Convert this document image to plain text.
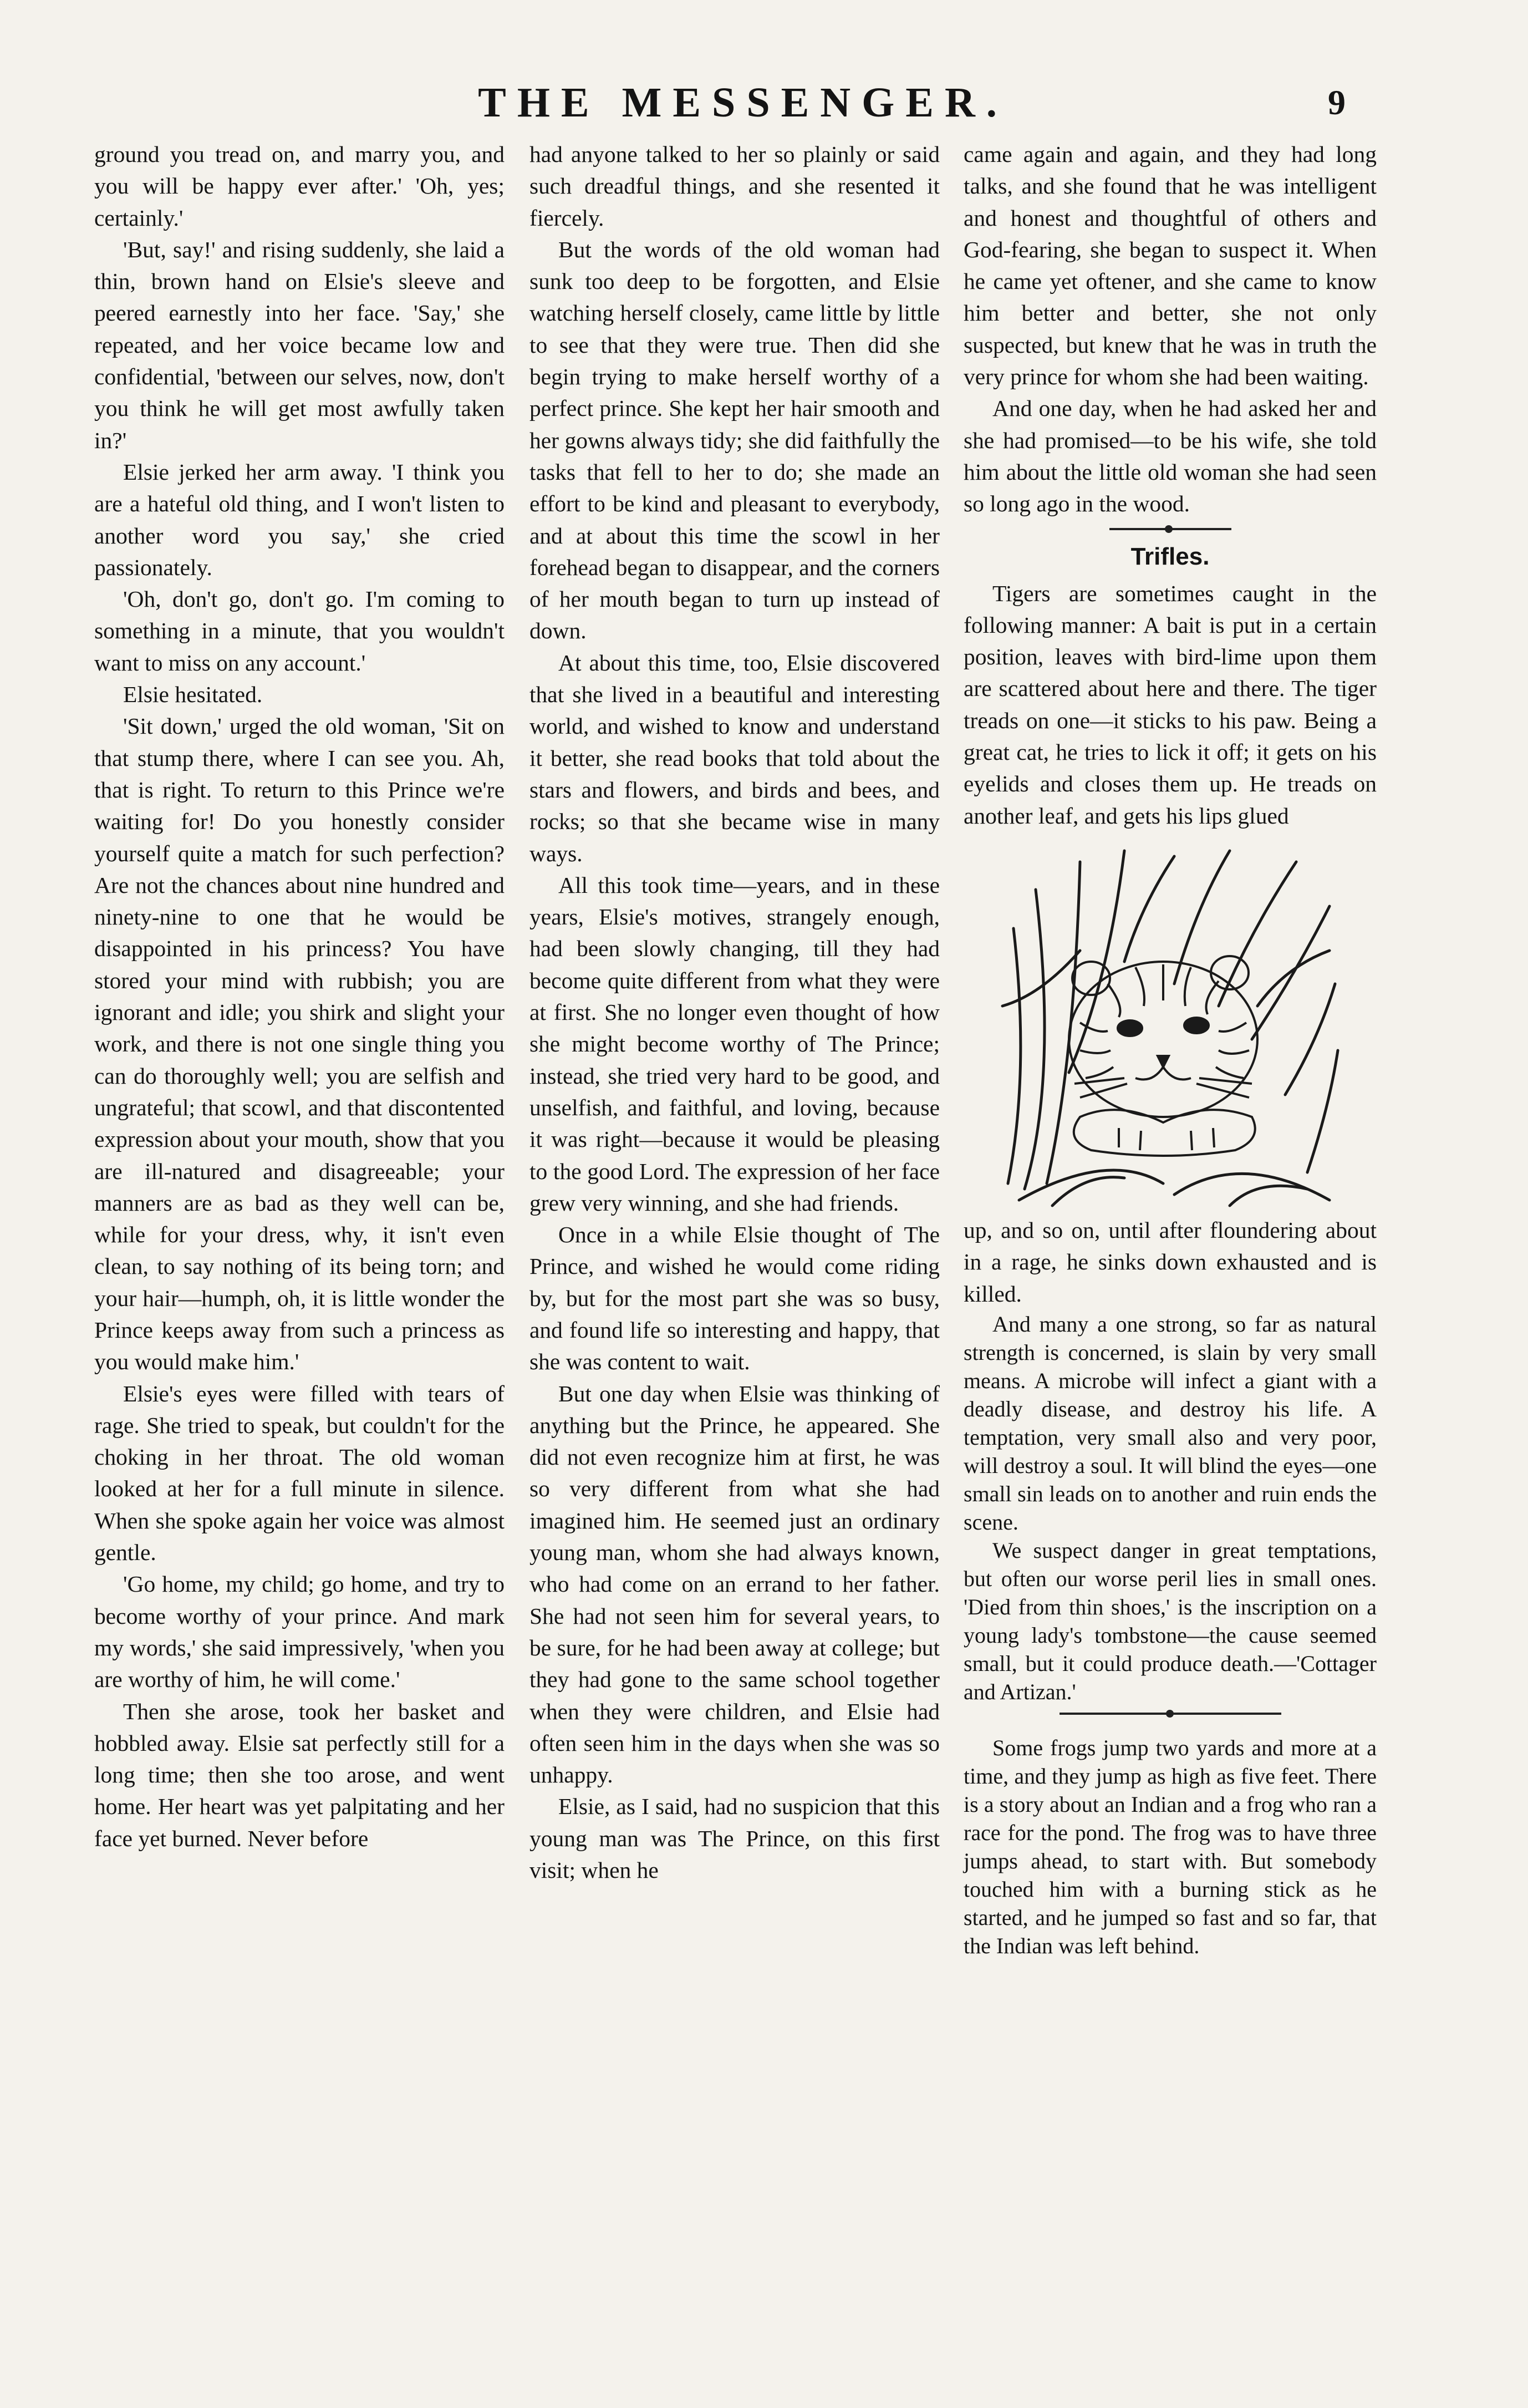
THE MESSENGER.	9

ground you tread on, and marry you, and you will be happy ever after.' 'Oh, yes; certainly.'

'But, say!' and rising suddenly, she laid a thin, brown hand on Elsie's sleeve and peered earnestly into her face. 'Say,' she repeated, and her voice became low and confidential, 'between our selves, now, don't you think he will get most awfully taken in?'

Elsie jerked her arm away. 'I think you are a hateful old thing, and I won't listen to another word you say,' she cried passionately.

'Oh, don't go, don't go. I'm coming to something in a minute, that you wouldn't want to miss on any account.'

Elsie hesitated.

'Sit down,' urged the old woman, 'Sit on that stump there, where I can see you. Ah, that is right. To return to this Prince we're waiting for! Do you honestly consider yourself quite a match for such perfection? Are not the chances about nine hundred and ninety-nine to one that he would be disappointed in his princess? You have stored your mind with rubbish; you are ignorant and idle; you shirk and slight your work, and there is not one single thing you can do thoroughly well; you are selfish and ungrateful; that scowl, and that discontented expression about your mouth, show that you are ill-natured and disagreeable; your manners are as bad as they well can be, while for your dress, why, it isn't even clean, to say nothing of its being torn; and your hair—humph, oh, it is little wonder the Prince keeps away from such a princess as you would make him.'

Elsie's eyes were filled with tears of rage. She tried to speak, but couldn't for the choking in her throat. The old woman looked at her for a full minute in silence. When she spoke again her voice was almost gentle.

'Go home, my child; go home, and try to become worthy of your prince. And mark my words,' she said impressively, 'when you are worthy of him, he will come.'

Then she arose, took her basket and hobbled away. Elsie sat perfectly still for a long time; then she too arose, and went home. Her heart was yet palpitating and her face yet burned. Never before

had anyone talked to her so plainly or said such dreadful things, and she resented it fiercely.

But the words of the old woman had sunk too deep to be forgotten, and Elsie watching herself closely, came little by little to see that they were true. Then did she begin trying to make herself worthy of a perfect prince. She kept her hair smooth and her gowns always tidy; she did faithfully the tasks that fell to her to do; she made an effort to be kind and pleasant to everybody, and at about this time the scowl in her forehead began to disappear, and the corners of her mouth began to turn up instead of down.

At about this time, too, Elsie discovered that she lived in a beautiful and interesting world, and wished to know and understand it better, she read books that told about the stars and flowers, and birds and bees, and rocks; so that she became wise in many ways.

All this took time—years, and in these years, Elsie's motives, strangely enough, had been slowly changing, till they had become quite different from what they were at first. She no longer even thought of how she might become worthy of The Prince; instead, she tried very hard to be good, and unselfish, and faithful, and loving, because it was right—because it would be pleasing to the good Lord. The expression of her face grew very winning, and she had friends.

Once in a while Elsie thought of The Prince, and wished he would come riding by, but for the most part she was so busy, and found life so interesting and happy, that she was content to wait.

But one day when Elsie was thinking of anything but the Prince, he appeared. She did not even recognize him at first, he was so very different from what she had imagined him. He seemed just an ordinary young man, whom she had always known, who had come on an errand to her father. She had not seen him for several years, to be sure, for he had been away at college; but they had gone to the same school together when they were children, and Elsie had often seen him in the days when she was so unhappy.

Elsie, as I said, had no suspicion that this young man was The Prince, on this first visit; when he

came again and again, and they had long talks, and she found that he was intelligent and honest and thoughtful of others and God-fearing, she began to suspect it. When he came yet oftener, and she came to know him better and better, she not only suspected, but knew that he was in truth the very prince for whom she had been waiting.

And one day, when he had asked her and she had promised—to be his wife, she told him about the little old woman she had seen so long ago in the wood.

Trifles.

Tigers are sometimes caught in the following manner: A bait is put in a certain position, leaves with bird-lime upon them are scattered about here and there. The tiger treads on one—it sticks to his paw. Being a great cat, he tries to lick it off; it gets on his eyelids and closes them up. He treads on another leaf, and gets his lips glued

up, and so on, until after floundering about in a rage, he sinks down exhausted and is killed.

And many a one strong, so far as natural strength is concerned, is slain by very small means. A microbe will infect a giant with a deadly disease, and destroy his life. A temptation, very small also and very poor, will destroy a soul. It will blind the eyes—one small sin leads on to another and ruin ends the scene.

We suspect danger in great temptations, but often our worse peril lies in small ones. 'Died from thin shoes,' is the inscription on a young lady's tombstone—the cause seemed small, but it could produce death.—'Cottager and Artizan.'

Some frogs jump two yards and more at a time, and they jump as high as five feet. There is a story about an Indian and a frog who ran a race for the pond. The frog was to have three jumps ahead, to start with. But somebody touched him with a burning stick as he started, and he jumped so fast and so far, that the Indian was left behind.
